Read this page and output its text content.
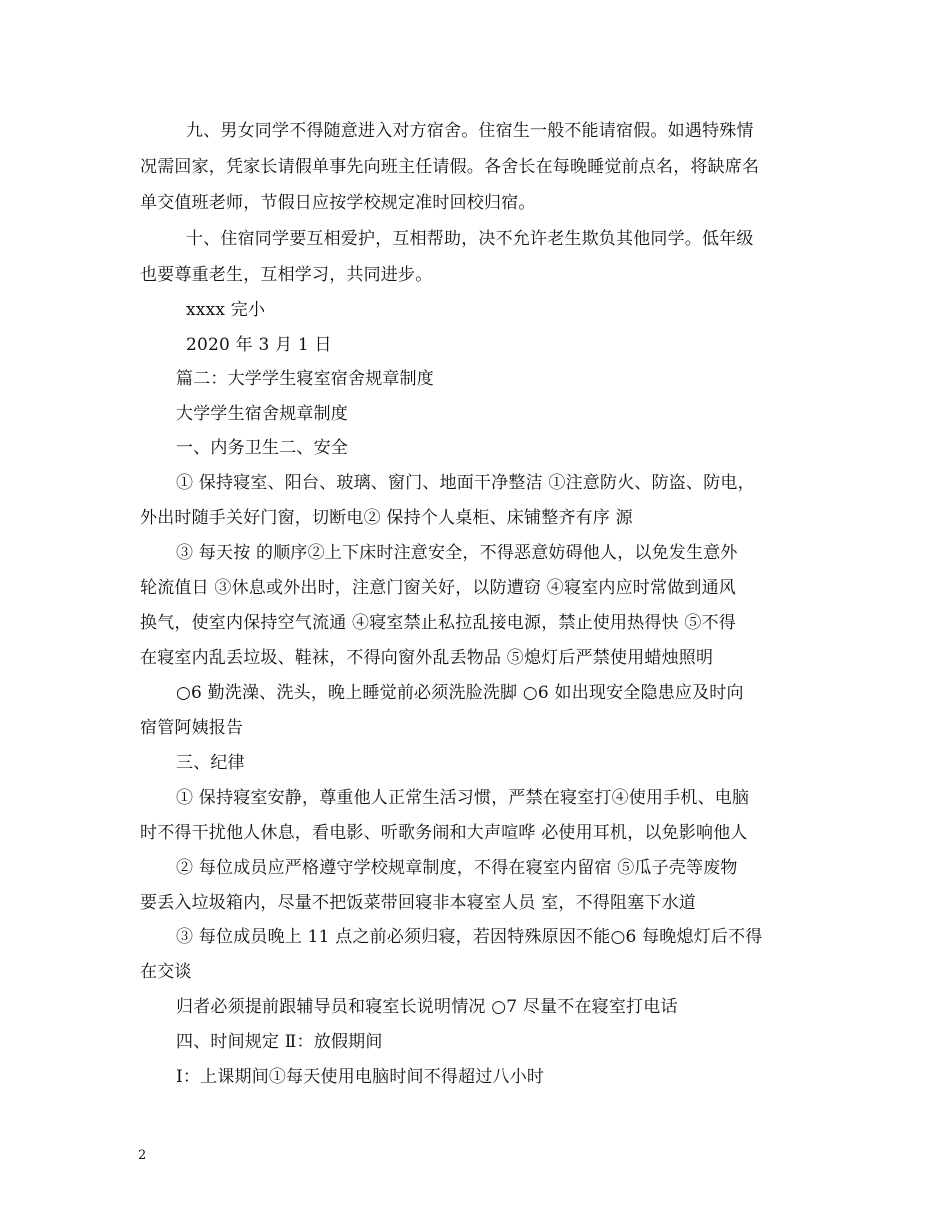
九、男女同学不得随意进入对方宿舍。住宿生一般不能请宿假。如遇特殊情
况需回家，凭家长请假单事先向班主任请假。各舍长在每晚睡觉前点名，将缺席名
单交值班老师，节假日应按学校规定准时回校归宿。
十、住宿同学要互相爱护，互相帮助，决不允许老生欺负其他同学。低年级
也要尊重老生，互相学习，共同进步。
xxxx 完小
2020 年 3 月 1 日
篇二：大学学生寝室宿舍规章制度
大学学生宿舍规章制度
一、内务卫生二、安全
① 保持寝室、阳台、玻璃、窗门、地面干净整洁 ①注意防火、防盗、防电，
外出时随手关好门窗，切断电② 保持个人桌柜、床铺整齐有序 源
③ 每天按 的顺序②上下床时注意安全，不得恶意妨碍他人，以免发生意外
轮流值日 ③休息或外出时，注意门窗关好，以防遭窃 ④寝室内应时常做到通风
换气，使室内保持空气流通 ④寝室禁止私拉乱接电源，禁止使用热得快 ⑤不得
在寝室内乱丢垃圾、鞋袜，不得向窗外乱丢物品 ⑤熄灯后严禁使用蜡烛照明
○6 勤洗澡、洗头，晚上睡觉前必须洗脸洗脚 ○6 如出现安全隐患应及时向
宿管阿姨报告
三、纪律
① 保持寝室安静，尊重他人正常生活习惯，严禁在寝室打④使用手机、电脑
时不得干扰他人休息，看电影、听歌务闹和大声喧哗 必使用耳机，以免影响他人
② 每位成员应严格遵守学校规章制度，不得在寝室内留宿 ⑤瓜子壳等废物
要丢入垃圾箱内，尽量不把饭菜带回寝非本寝室人员 室，不得阻塞下水道
③ 每位成员晚上 11 点之前必须归寝，若因特殊原因不能○6 每晚熄灯后不得
在交谈
归者必须提前跟辅导员和寝室长说明情况 ○7 尽量不在寝室打电话
四、时间规定 Ⅱ：放假期间
Ⅰ：上课期间①每天使用电脑时间不得超过八小时
2
